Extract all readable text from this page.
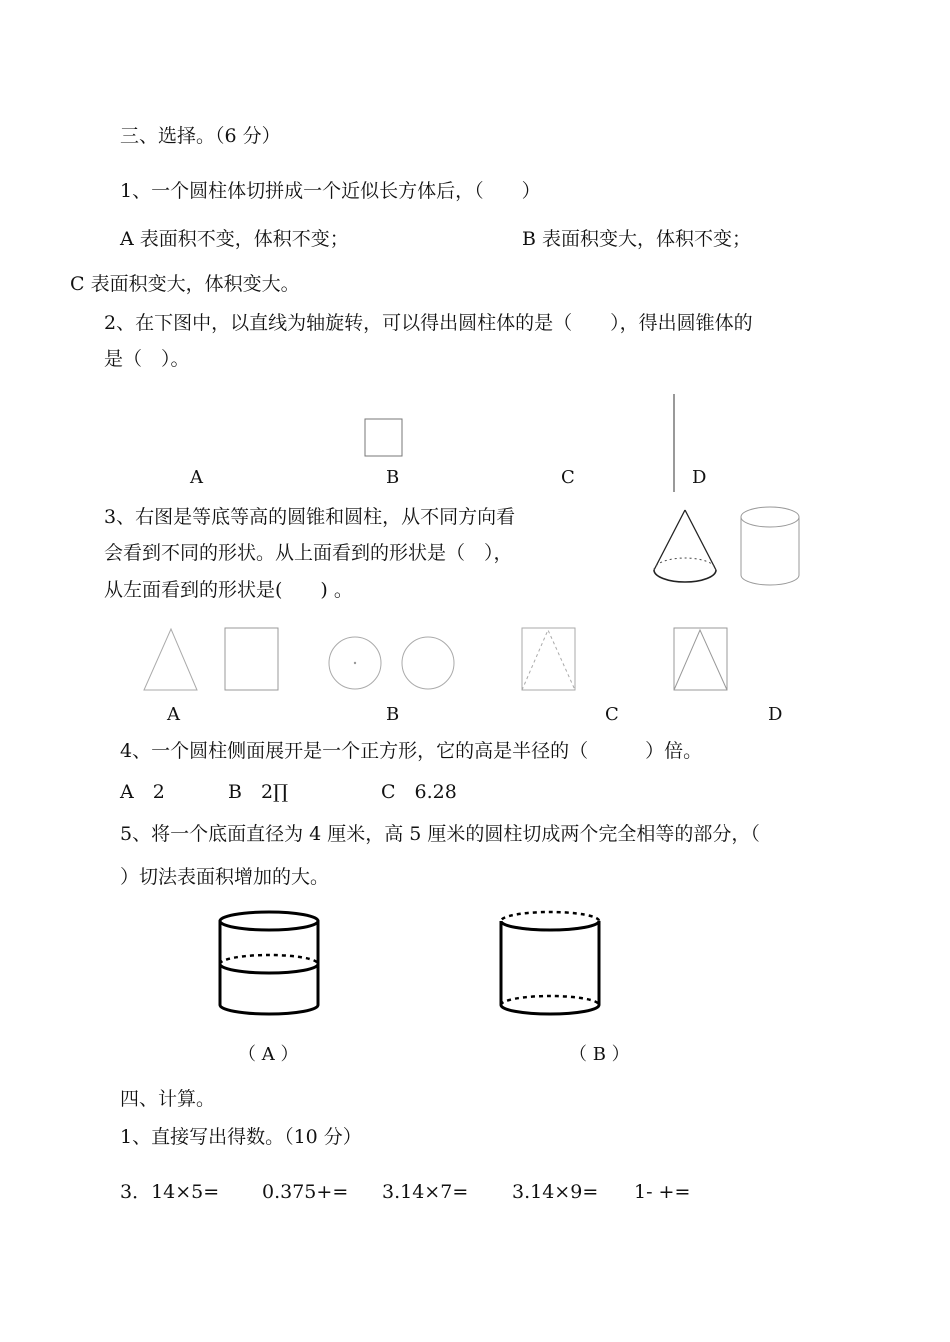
三、选择。（6 分）
1、一个圆柱体切拼成一个近似长方体后，（　　）
A 表面积不变，体积不变；	B 表面积变大，体积不变；
C 表面积变大，体积变大。
2、在下图中，以直线为轴旋转，可以得出圆柱体的是（　　），得出圆锥体的
是（　）。
A	B	C	D
3、右图是等底等高的圆锥和圆柱，从不同方向看
会看到不同的形状。从上面看到的形状是（　），
从左面看到的形状是(　　) 。
A	B	C	D
4、一个圆柱侧面展开是一个正方形，它的高是半径的（　　　）倍。
A　2	B　2∏	C　6.28
5、将一个底面直径为 4 厘米，高 5 厘米的圆柱切成两个完全相等的部分，（
）切法表面积增加的大。
（ A ）	（ B ）
四、计算。
1、直接写出得数。（10 分）
3．14×5= 0.375+= 3.14×7= 3.14×9= 1- +=
